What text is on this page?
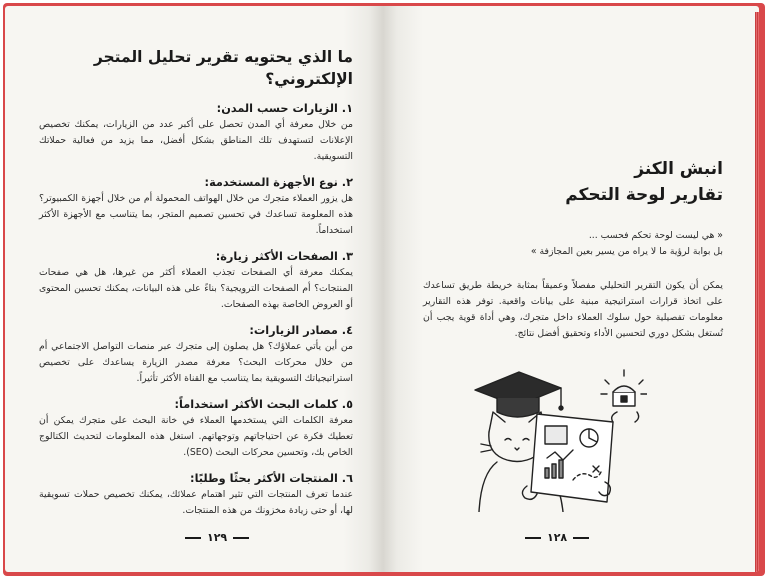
ما الذي يحتويه تقرير تحليل المتجر الإلكتروني؟
١. الزيارات حسب المدن:
من خلال معرفة أي المدن تحصل على أكبر عدد من الزيارات، يمكنك تخصيص الإعلانات لتستهدف تلك المناطق بشكل أفضل، مما يزيد من فعالية حملاتك التسويقية.
٢. نوع الأجهزة المستخدمة:
هل يزور العملاء متجرك من خلال الهواتف المحمولة أم من خلال أجهزة الكمبيوتر؟ هذه المعلومة تساعدك في تحسين تصميم المتجر، بما يتناسب مع الأجهزة الأكثر استخداماً.
٣. الصفحات الأكثر زيارة:
يمكنك معرفة أي الصفحات تجذب العملاء أكثر من غيرها، هل هي صفحات المنتجات؟ أم الصفحات الترويجية؟ بناءً على هذه البيانات، يمكنك تحسين المحتوى أو العروض الخاصة بهذه الصفحات.
٤. مصادر الزيارات:
من أين يأتي عملاؤك؟ هل يصلون إلى متجرك عبر منصات التواصل الاجتماعي أم من خلال محركات البحث؟ معرفة مصدر الزيارة يساعدك على تخصيص استراتيجياتك التسويقية بما يتناسب مع القناة الأكثر تأثيراً.
٥. كلمات البحث الأكثر استخداماً:
معرفة الكلمات التي يستخدمها العملاء في خانة البحث على متجرك يمكن أن تعطيك فكرة عن احتياجاتهم وتوجهاتهم. استغل هذه المعلومات لتحديث الكتالوج الخاص بك، وتحسين محركات البحث (SEO).
٦. المنتجات الأكثر بحثًا وطلبًا:
عندما تعرف المنتجات التي تثير اهتمام عملائك، يمكنك تخصيص حملات تسويقية لها، أو حتى زيادة مخزونك من هذه المنتجات.
١٢٩
انبش الكنز
تقارير لوحة التحكم
« هي ليست لوحة تحكم فحسب ...
بل بوابة لرؤية ما لا يراه من يسير بعين المجازفة »
يمكن أن يكون التقرير التحليلي مفصلاً وعميقاً بمثابة خريطة طريق تساعدك على اتخاذ قرارات استراتيجية مبنية على بيانات واقعية. توفر هذه التقارير معلومات تفصيلية حول سلوك العملاء داخل متجرك، وهي أداة قوية يجب أن تُستغل بشكل دوري لتحسين الأداء وتحقيق أفضل نتائج.
١٢٨
